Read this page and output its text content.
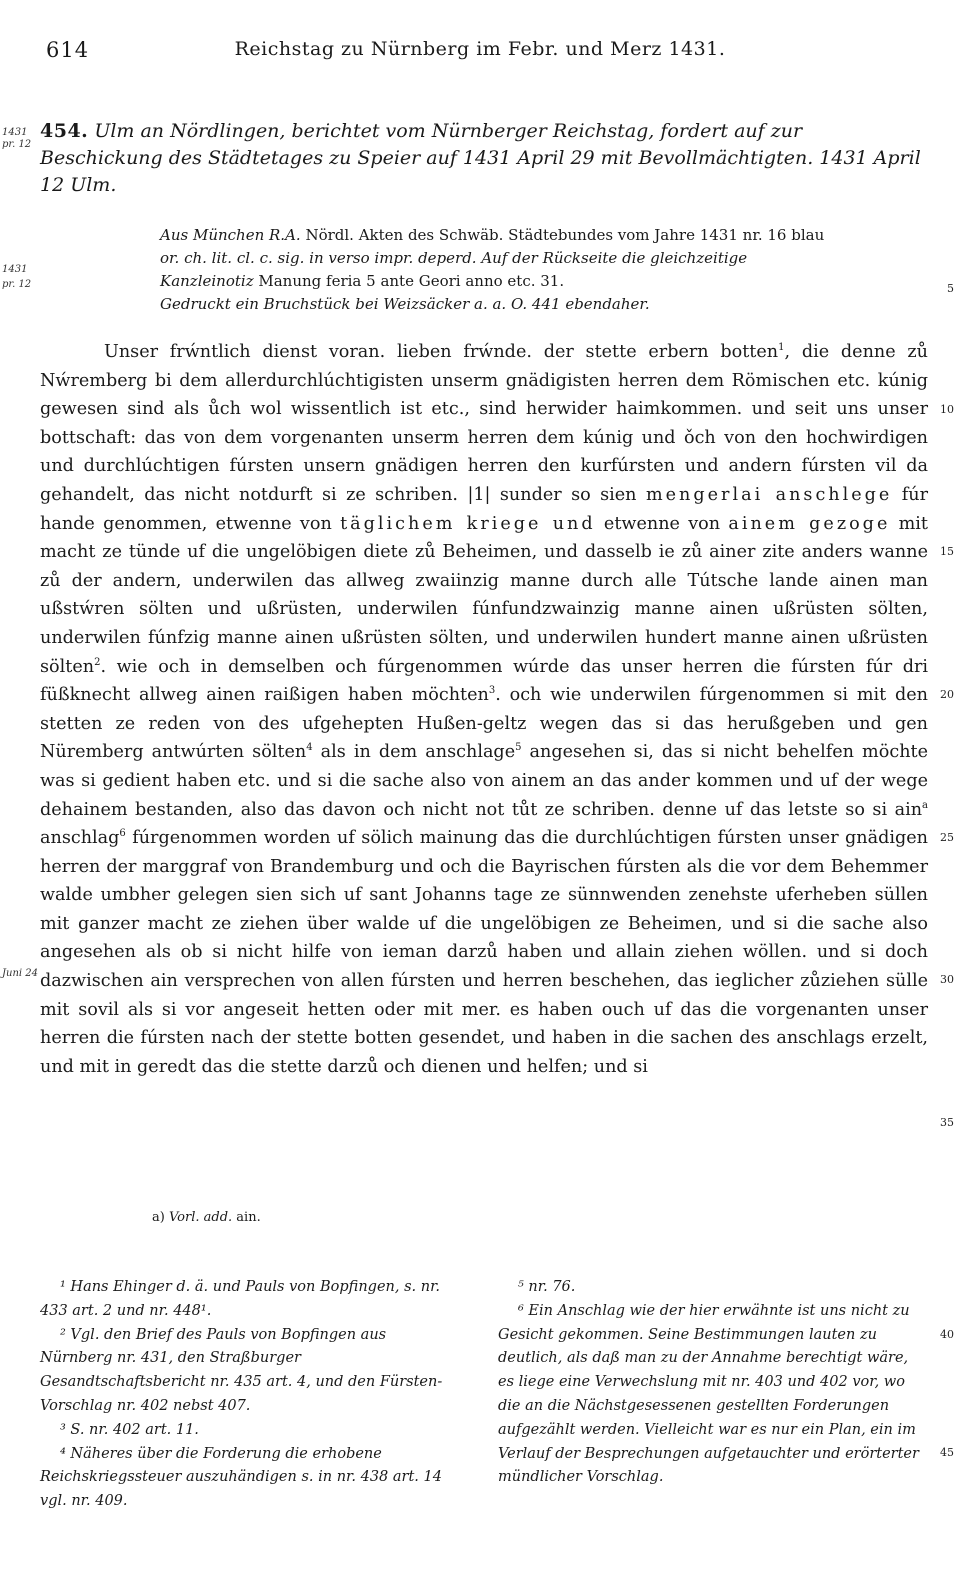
614	Reichstag zu Nürnberg im Febr. und Merz 1431.
1431
pr. 12
1431
pr. 12
Juni 24
5
10
15
20
25
30
35
40
45
454. Ulm an Nördlingen, berichtet vom Nürnberger Reichstag, fordert auf zur Beschickung des Städtetages zu Speier auf 1431 April 29 mit Bevollmächtigten. 1431 April 12 Ulm.
Aus München R.A. Nördl. Akten des Schwäb. Städtebundes vom Jahre 1431 nr. 16 blau
or. ch. lit. cl. c. sig. in verso impr. deperd. Auf der Rückseite die gleichzeitige
Kanzleinotiz Manung feria 5 ante Geori anno etc. 31.
Gedruckt ein Bruchstück bei Weizsäcker a. a. O. 441 ebendaher.

Unser frẃntlich dienst voran. lieben frẃnde. der stette erbern botten$^1$, die denne zů Nẃremberg bi dem allerdurchlúchtigisten unserm gnädigisten herren dem Römischen etc. kúnig gewesen sind als ůch wol wissentlich ist etc., sind herwider haimkommen. und seit uns unser bottschaft: das von dem vorgenanten unserm herren dem kúnig und ǒch von den hochwirdigen und durchlúchtigen fúrsten unsern gnädigen herren den kurfúrsten und andern fúrsten vil da gehandelt, das nicht notdurft si ze schriben. |1| sunder so sien mengerlai anschlege fúr hande genommen, etwenne von täglichem kriege und etwenne von ainem gezoge mit macht ze tünde uf die ungelöbigen diete zů Beheimen, und dasselb ie zů ainer zite anders wanne zů der andern, underwilen das allweg zwaiinzig manne durch alle Tútsche lande ainen man ußstẃren sölten und ußrüsten, underwilen fúnfundzwainzig manne ainen ußrüsten sölten, underwilen fúnfzig manne ainen ußrüsten sölten, und underwilen hundert manne ainen ußrüsten sölten$^2$. wie och in demselben och fúrgenommen wúrde das unser herren die fúrsten fúr dri füßknecht allweg ainen raißigen haben möchten$^3$. och wie underwilen fúrgenommen si mit den stetten ze reden von des ufgehepten Hußen-geltz wegen das si das herußgeben und gen Nüremberg antwúrten sölten$^4$ als in dem anschlage$^5$ angesehen si, das si nicht behelfen möchte was si gedient haben etc. und si die sache also von ainem an das ander kommen und uf der wege dehainem bestanden, also das davon och nicht not tůt ze schriben. denne uf das letste so si ain$^a$ anschlag$^6$ fúrgenommen worden uf sölich mainung das die durchlúchtigen fúrsten unser gnädigen herren der marggraf von Brandemburg und och die Bayrischen fúrsten als die vor dem Behemmer walde umbher gelegen sien sich uf sant Johanns tage ze sünnwenden zenehste uferheben süllen mit ganzer macht ze ziehen über walde uf die ungelöbigen ze Beheimen, und si die sache also angesehen als ob si nicht hilfe von ieman darzů haben und allain ziehen wöllen. und si doch dazwischen ain versprechen von allen fúrsten und herren beschehen, das ieglicher zůziehen sülle mit sovil als si vor angeseit hetten oder mit mer. es haben ouch uf das die vorgenanten unser herren die fúrsten nach der stette botten gesendet, und haben in die sachen des anschlags erzelt, und mit in geredt das die stette darzů och dienen und helfen; und si

a) Vorl. add. ain.

¹ Hans Ehinger d. ä. und Pauls von Bopfingen, s. nr. 433 art. 2 und nr. 448¹.

² Vgl. den Brief des Pauls von Bopfingen aus Nürnberg nr. 431, den Straßburger Gesandtschaftsbericht nr. 435 art. 4, und den Fürsten-Vorschlag nr. 402 nebst 407.

³ S. nr. 402 art. 11.

⁴ Näheres über die Forderung die erhobene Reichskriegssteuer auszuhändigen s. in nr. 438 art. 14 vgl. nr. 409.

⁵ nr. 76.

⁶ Ein Anschlag wie der hier erwähnte ist uns nicht zu Gesicht gekommen. Seine Bestimmungen lauten zu deutlich, als daß man zu der Annahme berechtigt wäre, es liege eine Verwechslung mit nr. 403 und 402 vor, wo die an die Nächstgesessenen gestellten Forderungen aufgezählt werden. Vielleicht war es nur ein Plan, ein im Verlauf der Besprechungen aufgetauchter und erörterter mündlicher Vorschlag.
